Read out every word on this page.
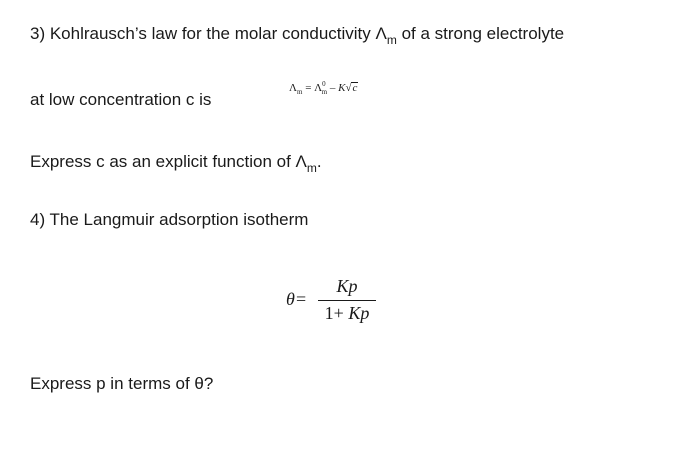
3) Kohlrausch’s law for the molar conductivity $\Lambda_m$ of a strong electrolyte
at low concentration c is
$\Lambda_m = \Lambda^0_m - K√c$
Express c as an explicit function of $\Lambda_m$.
4) The Langmuir adsorption isotherm
θ =
Kp
1+ Kp
Express p in terms of θ?
